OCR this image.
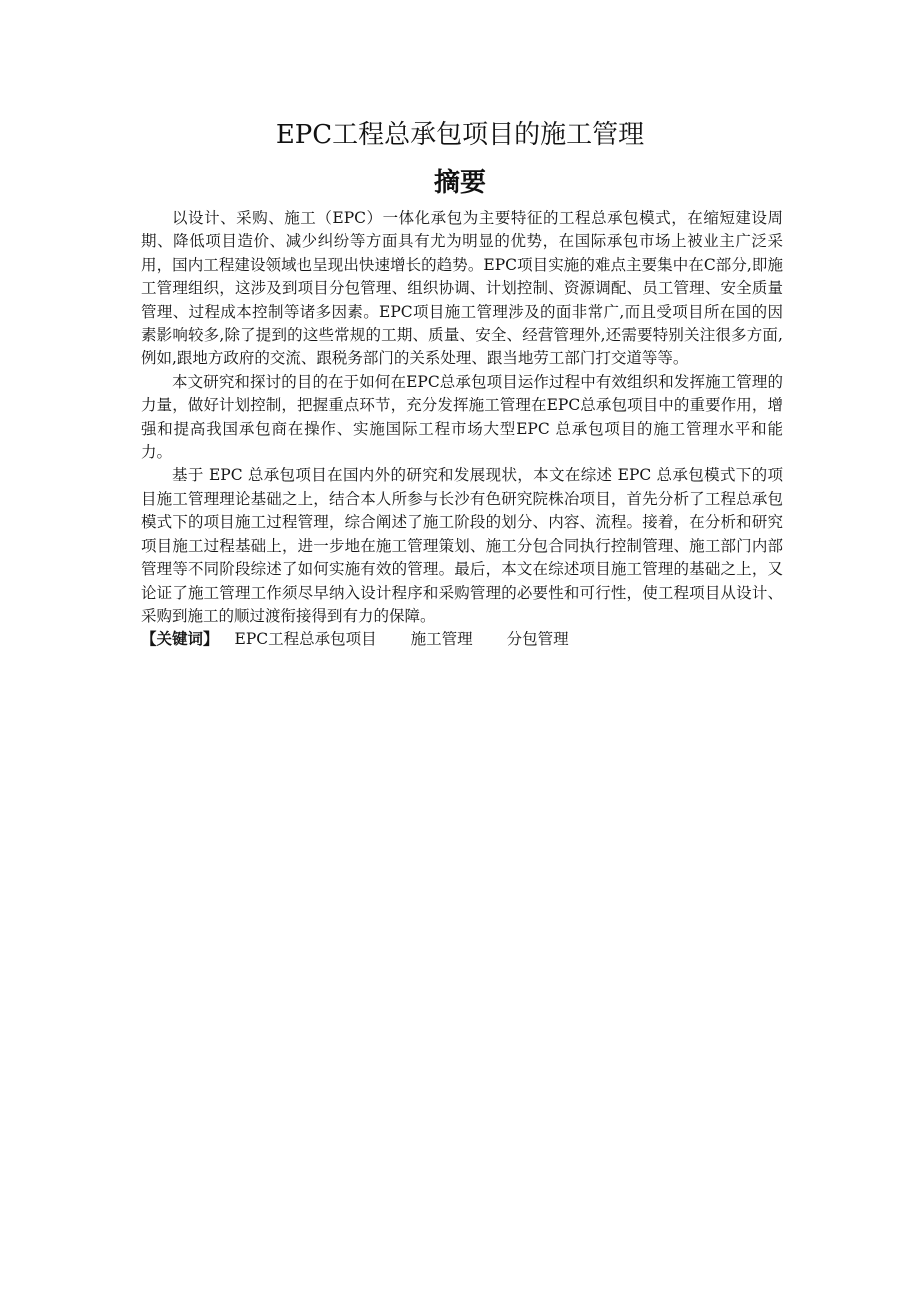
EPC工程总承包项目的施工管理
摘要

以设计、采购、施工（EPC）一体化承包为主要特征的工程总承包模式，在缩短建设周期、降低项目造价、减少纠纷等方面具有尤为明显的优势，在国际承包市场上被业主广泛采用，国内工程建设领域也呈现出快速增长的趋势。EPC项目实施的难点主要集中在C部分,即施工管理组织，这涉及到项目分包管理、组织协调、计划控制、资源调配、员工管理、安全质量管理、过程成本控制等诸多因素。EPC项目施工管理涉及的面非常广,而且受项目所在国的因素影响较多,除了提到的这些常规的工期、质量、安全、经营管理外,还需要特别关注很多方面,例如,跟地方政府的交流、跟税务部门的关系处理、跟当地劳工部门打交道等等。

本文研究和探讨的目的在于如何在EPC总承包项目运作过程中有效组织和发挥施工管理的力量，做好计划控制，把握重点环节，充分发挥施工管理在EPC总承包项目中的重要作用，增强和提高我国承包商在操作、实施国际工程市场大型EPC 总承包项目的施工管理水平和能力。

基于 EPC 总承包项目在国内外的研究和发展现状，本文在综述 EPC 总承包模式下的项目施工管理理论基础之上，结合本人所参与长沙有色研究院株冶项目，首先分析了工程总承包模式下的项目施工过程管理，综合阐述了施工阶段的划分、内容、流程。接着，在分析和研究项目施工过程基础上，进一步地在施工管理策划、施工分包合同执行控制管理、施工部门内部管理等不同阶段综述了如何实施有效的管理。最后，本文在综述项目施工管理的基础之上，又论证了施工管理工作须尽早纳入设计程序和采购管理的必要性和可行性，使工程项目从设计、采购到施工的顺过渡衔接得到有力的保障。

【关键词】 EPC工程总承包项目 施工管理 分包管理
